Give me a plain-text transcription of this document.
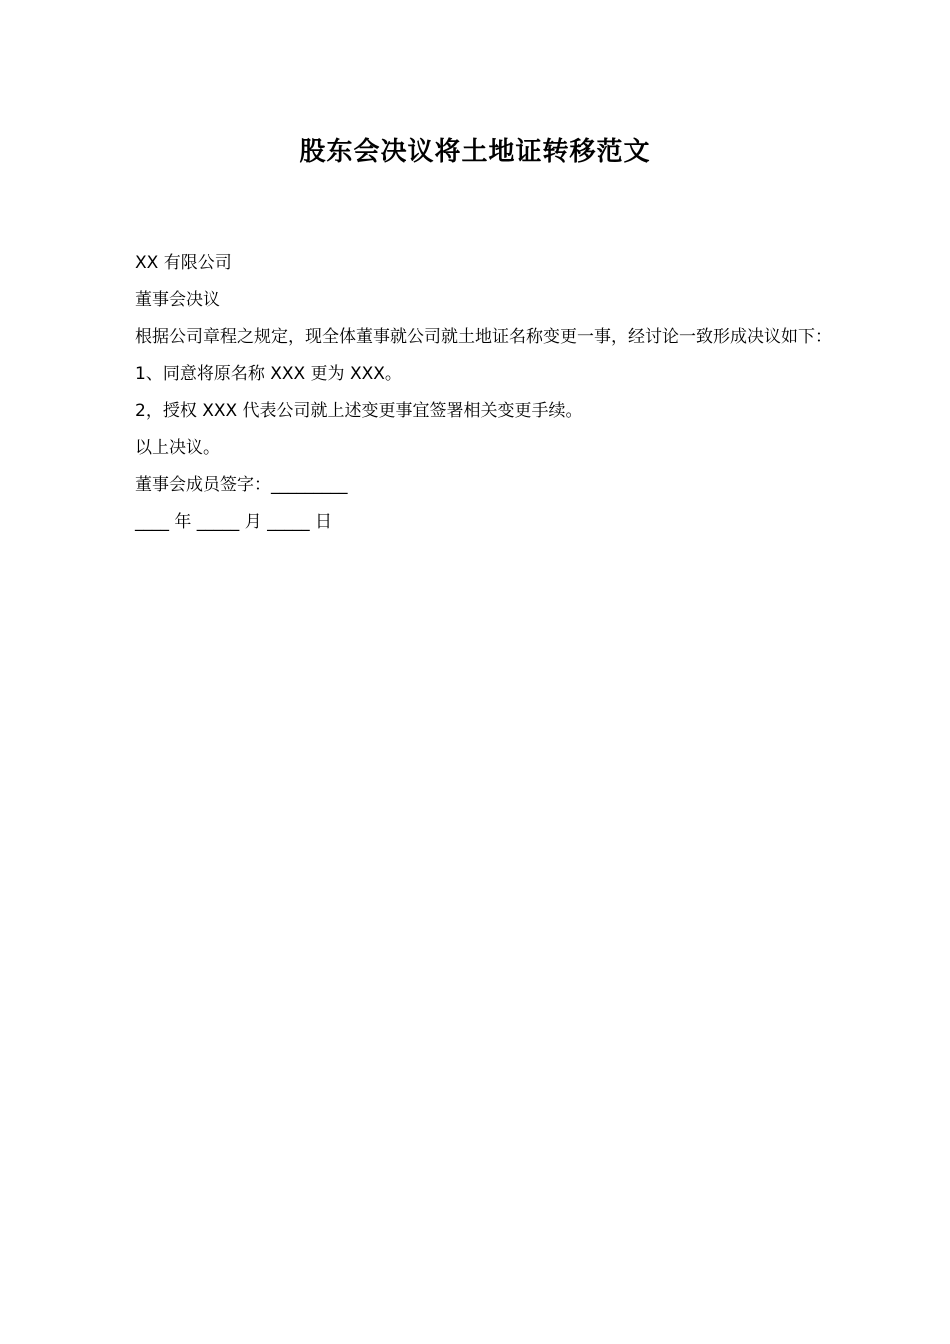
股东会决议将土地证转移范文

XX 有限公司

董事会决议

根据公司章程之规定，现全体董事就公司就土地证名称变更一事，经讨论一致形成决议如下：

1、同意将原名称 XXX 更为 XXX。

2，授权 XXX 代表公司就上述变更事宜签署相关变更手续。

以上决议。

董事会成员签字：_________

____ 年 _____ 月 _____ 日
